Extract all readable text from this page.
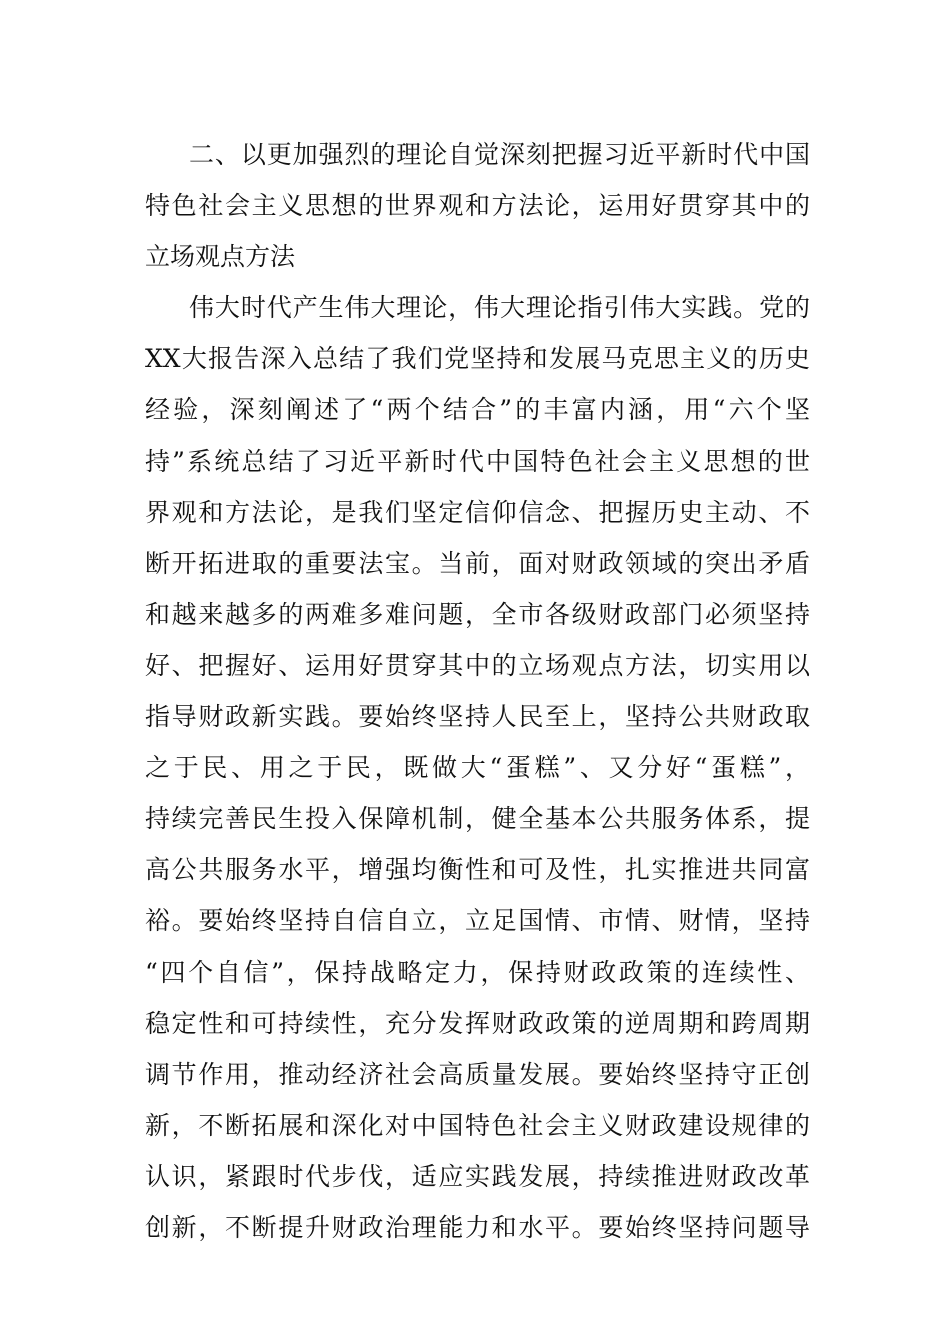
二、以更加强烈的理论自觉深刻把握习近平新时代中国
特色社会主义思想的世界观和方法论，运用好贯穿其中的
立场观点方法
伟大时代产生伟大理论，伟大理论指引伟大实践。党的
XX大报告深入总结了我们党坚持和发展马克思主义的历史
经验，深刻阐述了“两个结合”的丰富内涵，用“六个坚
持”系统总结了习近平新时代中国特色社会主义思想的世
界观和方法论，是我们坚定信仰信念、把握历史主动、不
断开拓进取的重要法宝。当前，面对财政领域的突出矛盾
和越来越多的两难多难问题，全市各级财政部门必须坚持
好、把握好、运用好贯穿其中的立场观点方法，切实用以
指导财政新实践。要始终坚持人民至上，坚持公共财政取
之于民、用之于民，既做大“蛋糕”、又分好“蛋糕”，
持续完善民生投入保障机制，健全基本公共服务体系，提
高公共服务水平，增强均衡性和可及性，扎实推进共同富
裕。要始终坚持自信自立，立足国情、市情、财情，坚持
“四个自信”，保持战略定力，保持财政政策的连续性、
稳定性和可持续性，充分发挥财政政策的逆周期和跨周期
调节作用，推动经济社会高质量发展。要始终坚持守正创
新，不断拓展和深化对中国特色社会主义财政建设规律的
认识，紧跟时代步伐，适应实践发展，持续推进财政改革
创新，不断提升财政治理能力和水平。要始终坚持问题导
